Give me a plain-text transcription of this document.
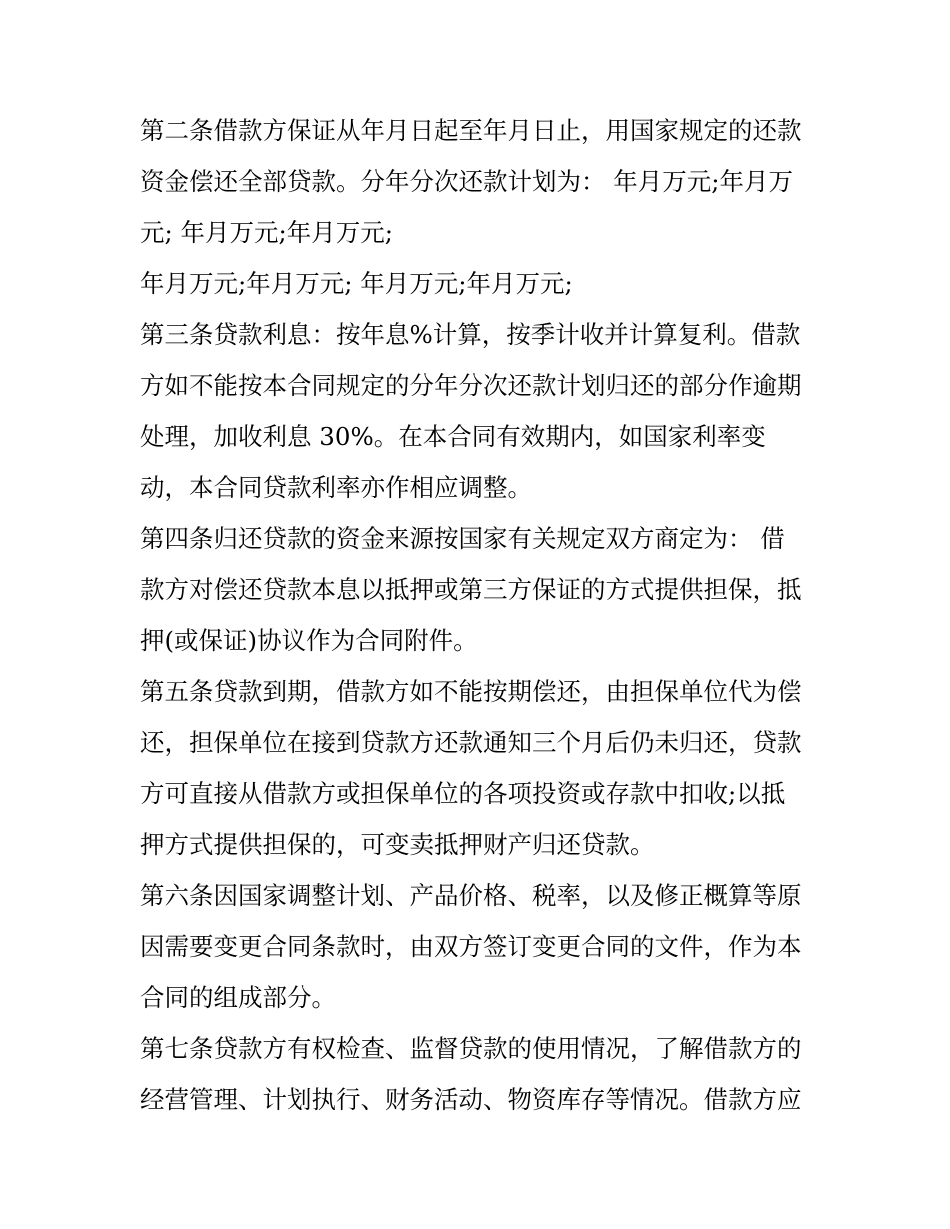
第二条借款方保证从年月日起至年月日止，用国家规定的还款
资金偿还全部贷款。分年分次还款计划为： 年月万元;年月万
元; 年月万元;年月万元;
年月万元;年月万元; 年月万元;年月万元;
第三条贷款利息：按年息%计算，按季计收并计算复利。借款
方如不能按本合同规定的分年分次还款计划归还的部分作逾期
处理，加收利息 30%。在本合同有效期内，如国家利率变
动，本合同贷款利率亦作相应调整。
第四条归还贷款的资金来源按国家有关规定双方商定为： 借
款方对偿还贷款本息以抵押或第三方保证的方式提供担保，抵
押(或保证)协议作为合同附件。
第五条贷款到期，借款方如不能按期偿还，由担保单位代为偿
还，担保单位在接到贷款方还款通知三个月后仍未归还，贷款
方可直接从借款方或担保单位的各项投资或存款中扣收;以抵
押方式提供担保的，可变卖抵押财产归还贷款。
第六条因国家调整计划、产品价格、税率，以及修正概算等原
因需要变更合同条款时，由双方签订变更合同的文件，作为本
合同的组成部分。
第七条贷款方有权检查、监督贷款的使用情况，了解借款方的
经营管理、计划执行、财务活动、物资库存等情况。借款方应
